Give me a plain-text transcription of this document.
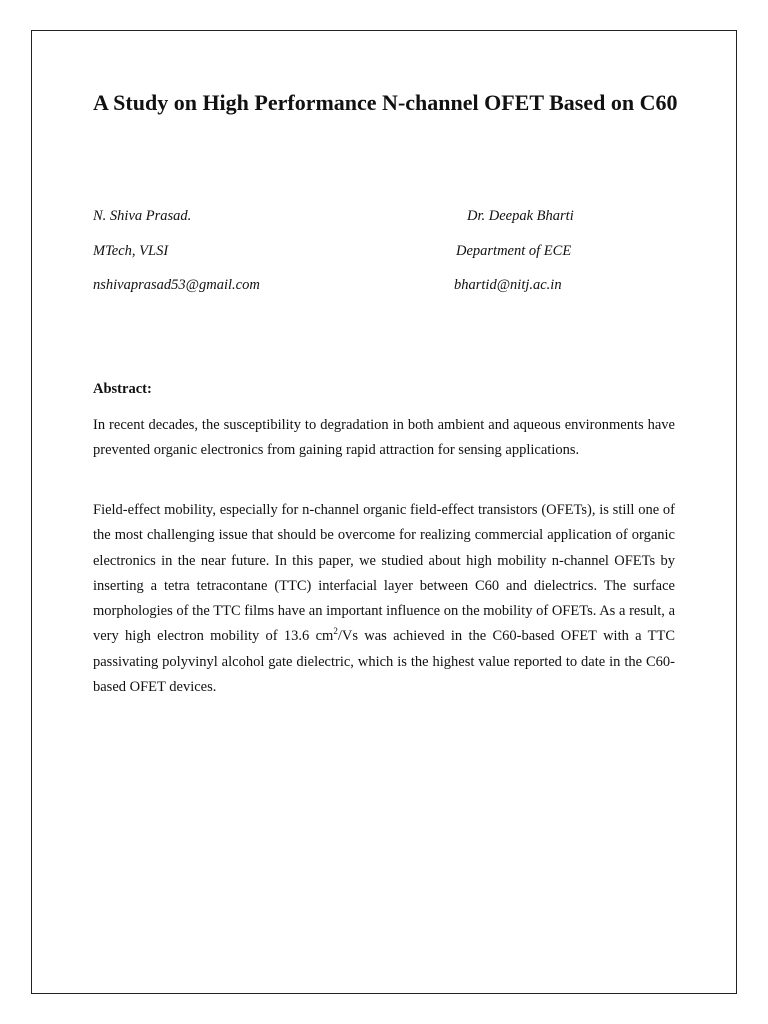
A Study on High Performance N-channel OFET Based on C60
N. Shiva Prasad.	Dr. Deepak Bharti
MTech, VLSI	Department of ECE
nshivaprasad53@gmail.com	bhartid@nitj.ac.in

Abstract:

In recent decades, the susceptibility to degradation in both ambient and aqueous environments have prevented organic electronics from gaining rapid attraction for sensing applications.

Field-effect mobility, especially for n-channel organic field-effect transistors (OFETs), is still one of the most challenging issue that should be overcome for realizing commercial application of organic electronics in the near future. In this paper, we studied about high mobility n-channel OFETs by inserting a tetra tetracontane (TTC) interfacial layer between C60 and dielectrics. The surface morphologies of the TTC films have an important influence on the mobility of OFETs. As a result, a very high electron mobility of 13.6 $cm^2/Vs$ was achieved in the C60-based OFET with a TTC passivating polyvinyl alcohol gate dielectric, which is the highest value reported to date in the C60-based OFET devices.
